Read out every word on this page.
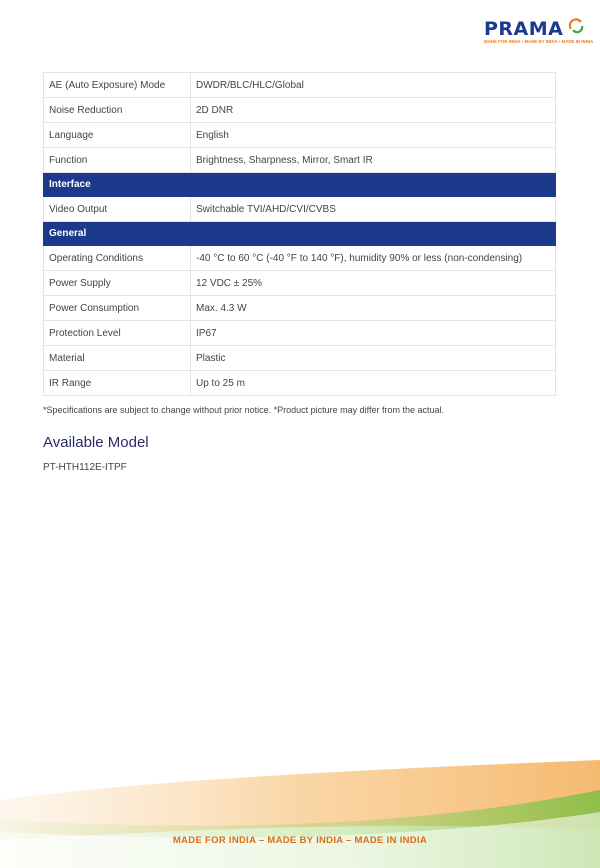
PRAMA
MADE FOR INDIA • MADE BY INDIA • MADE IN INDIA
AE (Auto Exposure) Mode	DWDR/BLC/HLC/Global
Noise Reduction	2D DNR
Language	English
Function	Brightness, Sharpness, Mirror, Smart IR
Interface	
Video Output	Switchable TVI/AHD/CVI/CVBS
General	
Operating Conditions	-40 °C to 60 °C (-40 °F to 140 °F), humidity 90% or less (non-condensing)
Power Supply	12 VDC ± 25%
Power Consumption	Max. 4.3 W
Protection Level	IP67
Material	Plastic
IR Range	Up to 25 m
*Specifications are subject to change without prior notice. *Product picture may differ from the actual.
Available Model
PT-HTH112E-ITPF
MADE FOR INDIA – MADE BY INDIA – MADE IN INDIA
